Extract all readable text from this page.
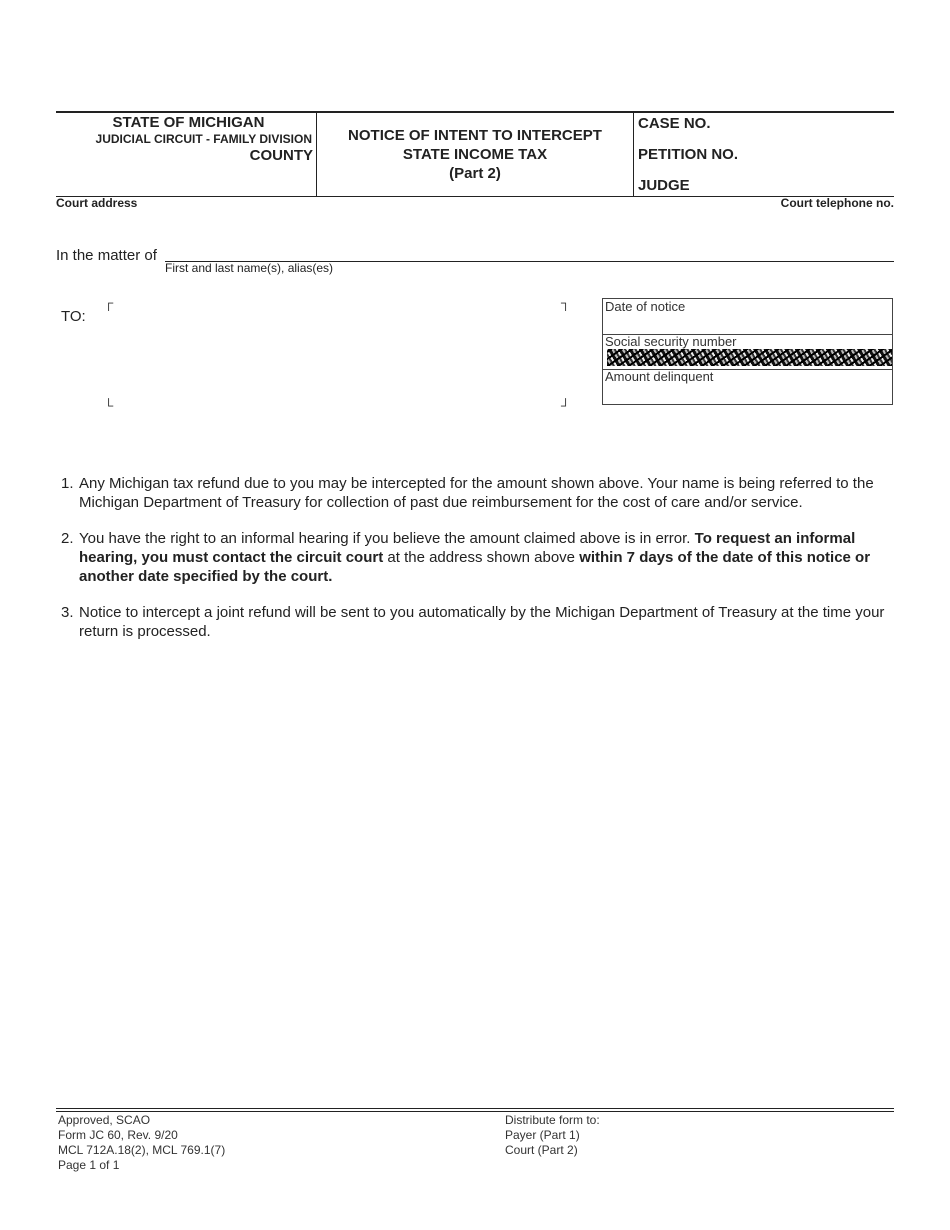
STATE OF MICHIGAN
JUDICIAL CIRCUIT - FAMILY DIVISION
COUNTY
NOTICE OF INTENT TO INTERCEPT
STATE INCOME TAX
(Part 2)
CASE NO.
PETITION NO.
JUDGE
Court address	Court telephone no.
In the matter of
First and last name(s), alias(es)
TO:
┌	┐
└	┘
Date of notice
Social security number
Amount delinquent
1. Any Michigan tax refund due to you may be intercepted for the amount shown above. Your name is being referred to the Michigan Department of Treasury for collection of past due reimbursement for the cost of care and/or service.
2. You have the right to an informal hearing if you believe the amount claimed above is in error. To request an informal hearing, you must contact the circuit court at the address shown above within 7 days of the date of this notice or another date specified by the court.
3. Notice to intercept a joint refund will be sent to you automatically by the Michigan Department of Treasury at the time your return is processed.
Approved, SCAO
Form JC 60, Rev. 9/20
MCL 712A.18(2), MCL 769.1(7)
Page 1 of 1
Distribute form to:
Payer (Part 1)
Court (Part 2)
